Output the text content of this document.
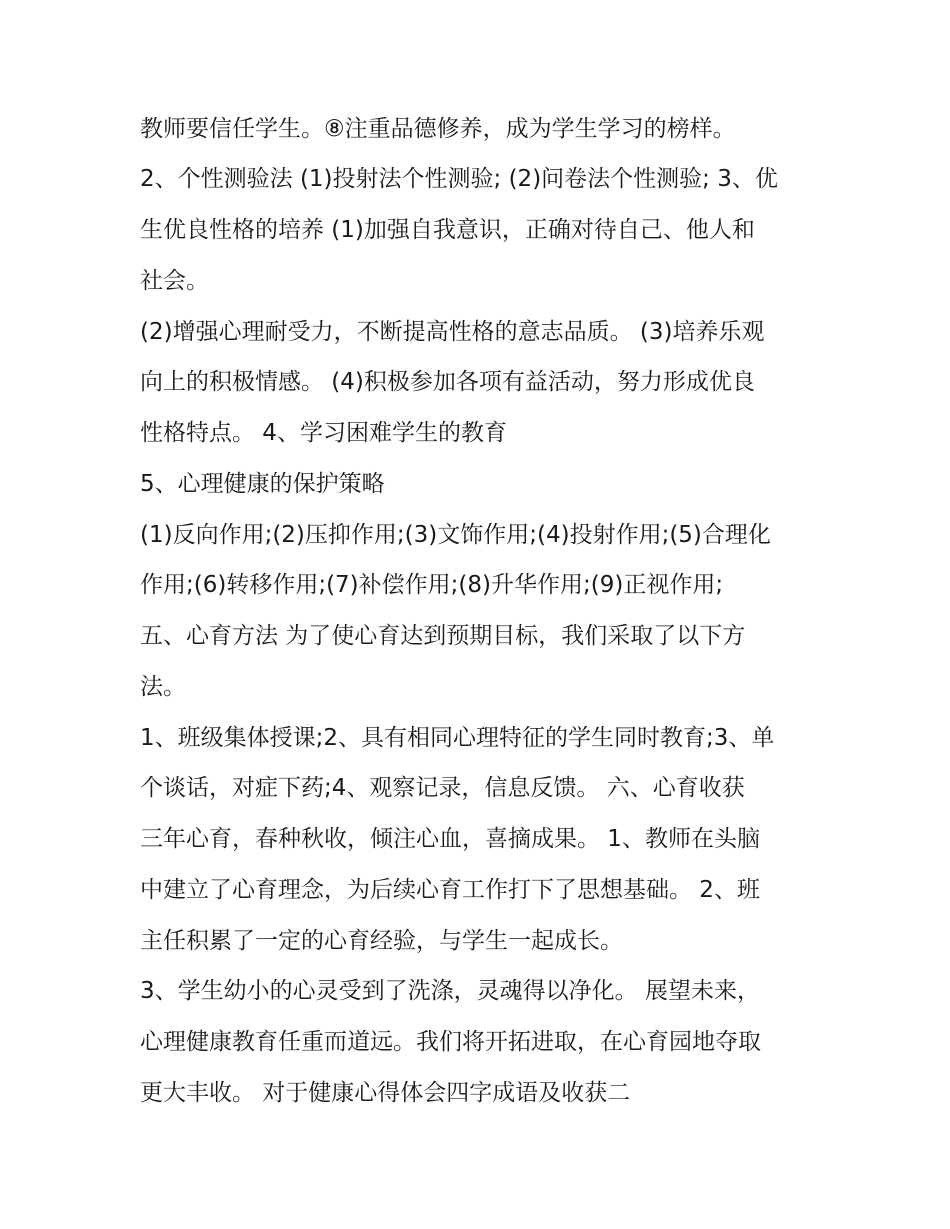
教师要信任学生。⑧注重品德修养，成为学生学习的榜样。
2、个性测验法 (1)投射法个性测验; (2)问卷法个性测验; 3、优
生优良性格的培养 (1)加强自我意识，正确对待自己、他人和
社会。
(2)增强心理耐受力，不断提高性格的意志品质。 (3)培养乐观
向上的积极情感。 (4)积极参加各项有益活动，努力形成优良
性格特点。 4、学习困难学生的教育
5、心理健康的保护策略
(1)反向作用;(2)压抑作用;(3)文饰作用;(4)投射作用;(5)合理化
作用;(6)转移作用;(7)补偿作用;(8)升华作用;(9)正视作用;
五、心育方法 为了使心育达到预期目标，我们采取了以下方
法。
1、班级集体授课;2、具有相同心理特征的学生同时教育;3、单
个谈话，对症下药;4、观察记录，信息反馈。 六、心育收获
三年心育，春种秋收，倾注心血，喜摘成果。 1、教师在头脑
中建立了心育理念，为后续心育工作打下了思想基础。 2、班
主任积累了一定的心育经验，与学生一起成长。
3、学生幼小的心灵受到了洗涤，灵魂得以净化。 展望未来，
心理健康教育任重而道远。我们将开拓进取，在心育园地夺取
更大丰收。 对于健康心得体会四字成语及收获二
